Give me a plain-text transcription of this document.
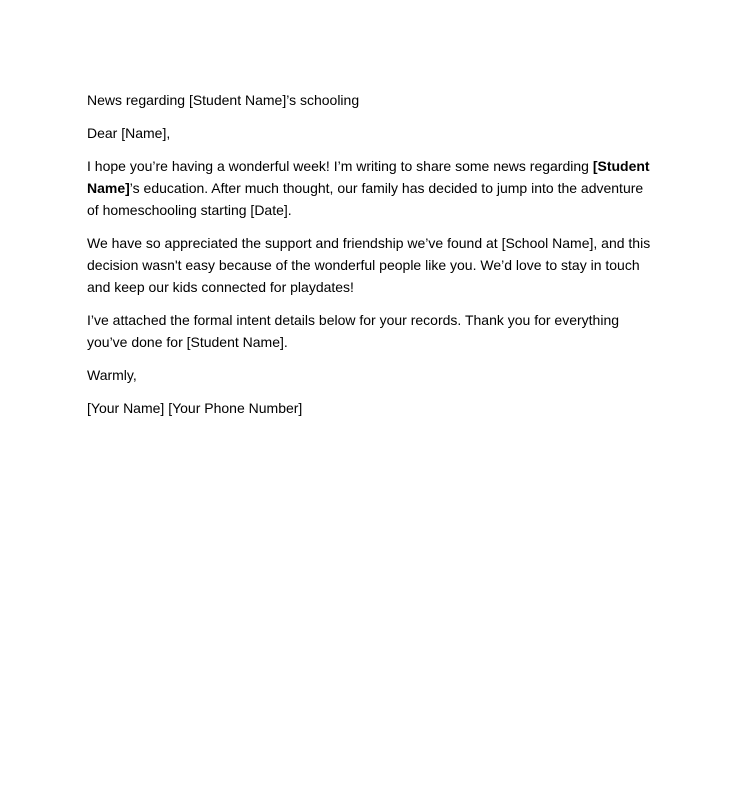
News regarding [Student Name]’s schooling

Dear [Name],

I hope you’re having a wonderful week! I’m writing to share some news regarding [Student Name]’s education. After much thought, our family has decided to jump into the adventure of homeschooling starting [Date].

We have so appreciated the support and friendship we’ve found at [School Name], and this decision wasn't easy because of the wonderful people like you. We’d love to stay in touch and keep our kids connected for playdates!

I’ve attached the formal intent details below for your records. Thank you for everything you’ve done for [Student Name].

Warmly,

[Your Name] [Your Phone Number]
